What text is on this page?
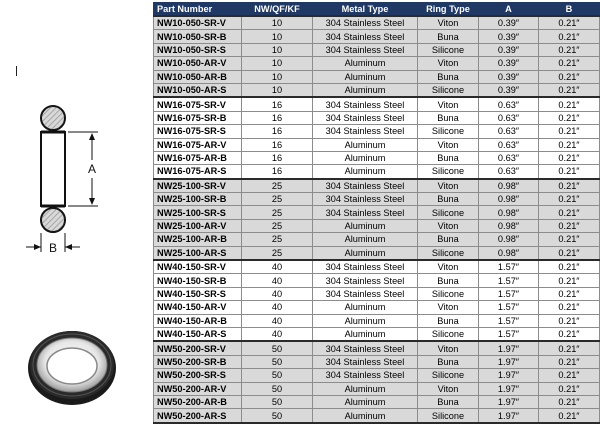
A
B
Part Number	NW/QF/KF	Metal Type	Ring Type	A	B
NW10-050-SR-V	10	304 Stainless Steel	Viton	0.39″	0.21″
NW10-050-SR-B	10	304 Stainless Steel	Buna	0.39″	0.21″
NW10-050-SR-S	10	304 Stainless Steel	Silicone	0.39″	0.21″
NW10-050-AR-V	10	Aluminum	Viton	0.39″	0.21″
NW10-050-AR-B	10	Aluminum	Buna	0.39″	0.21″
NW10-050-AR-S	10	Aluminum	Silicone	0.39″	0.21″
NW16-075-SR-V	16	304 Stainless Steel	Viton	0.63″	0.21″
NW16-075-SR-B	16	304 Stainless Steel	Buna	0.63″	0.21″
NW16-075-SR-S	16	304 Stainless Steel	Silicone	0.63″	0.21″
NW16-075-AR-V	16	Aluminum	Viton	0.63″	0.21″
NW16-075-AR-B	16	Aluminum	Buna	0.63″	0.21″
NW16-075-AR-S	16	Aluminum	Silicone	0.63″	0.21″
NW25-100-SR-V	25	304 Stainless Steel	Viton	0.98″	0.21″
NW25-100-SR-B	25	304 Stainless Steel	Buna	0.98″	0.21″
NW25-100-SR-S	25	304 Stainless Steel	Silicone	0.98″	0.21″
NW25-100-AR-V	25	Aluminum	Viton	0.98″	0.21″
NW25-100-AR-B	25	Aluminum	Buna	0.98″	0.21″
NW25-100-AR-S	25	Aluminum	Silicone	0.98″	0.21″
NW40-150-SR-V	40	304 Stainless Steel	Viton	1.57″	0.21″
NW40-150-SR-B	40	304 Stainless Steel	Buna	1.57″	0.21″
NW40-150-SR-S	40	304 Stainless Steel	Silicone	1.57″	0.21″
NW40-150-AR-V	40	Aluminum	Viton	1.57″	0.21″
NW40-150-AR-B	40	Aluminum	Buna	1.57″	0.21″
NW40-150-AR-S	40	Aluminum	Silicone	1.57″	0.21″
NW50-200-SR-V	50	304 Stainless Steel	Viton	1.97″	0.21″
NW50-200-SR-B	50	304 Stainless Steel	Buna	1.97″	0.21″
NW50-200-SR-S	50	304 Stainless Steel	Silicone	1.97″	0.21″
NW50-200-AR-V	50	Aluminum	Viton	1.97″	0.21″
NW50-200-AR-B	50	Aluminum	Buna	1.97″	0.21″
NW50-200-AR-S	50	Aluminum	Silicone	1.97″	0.21″
